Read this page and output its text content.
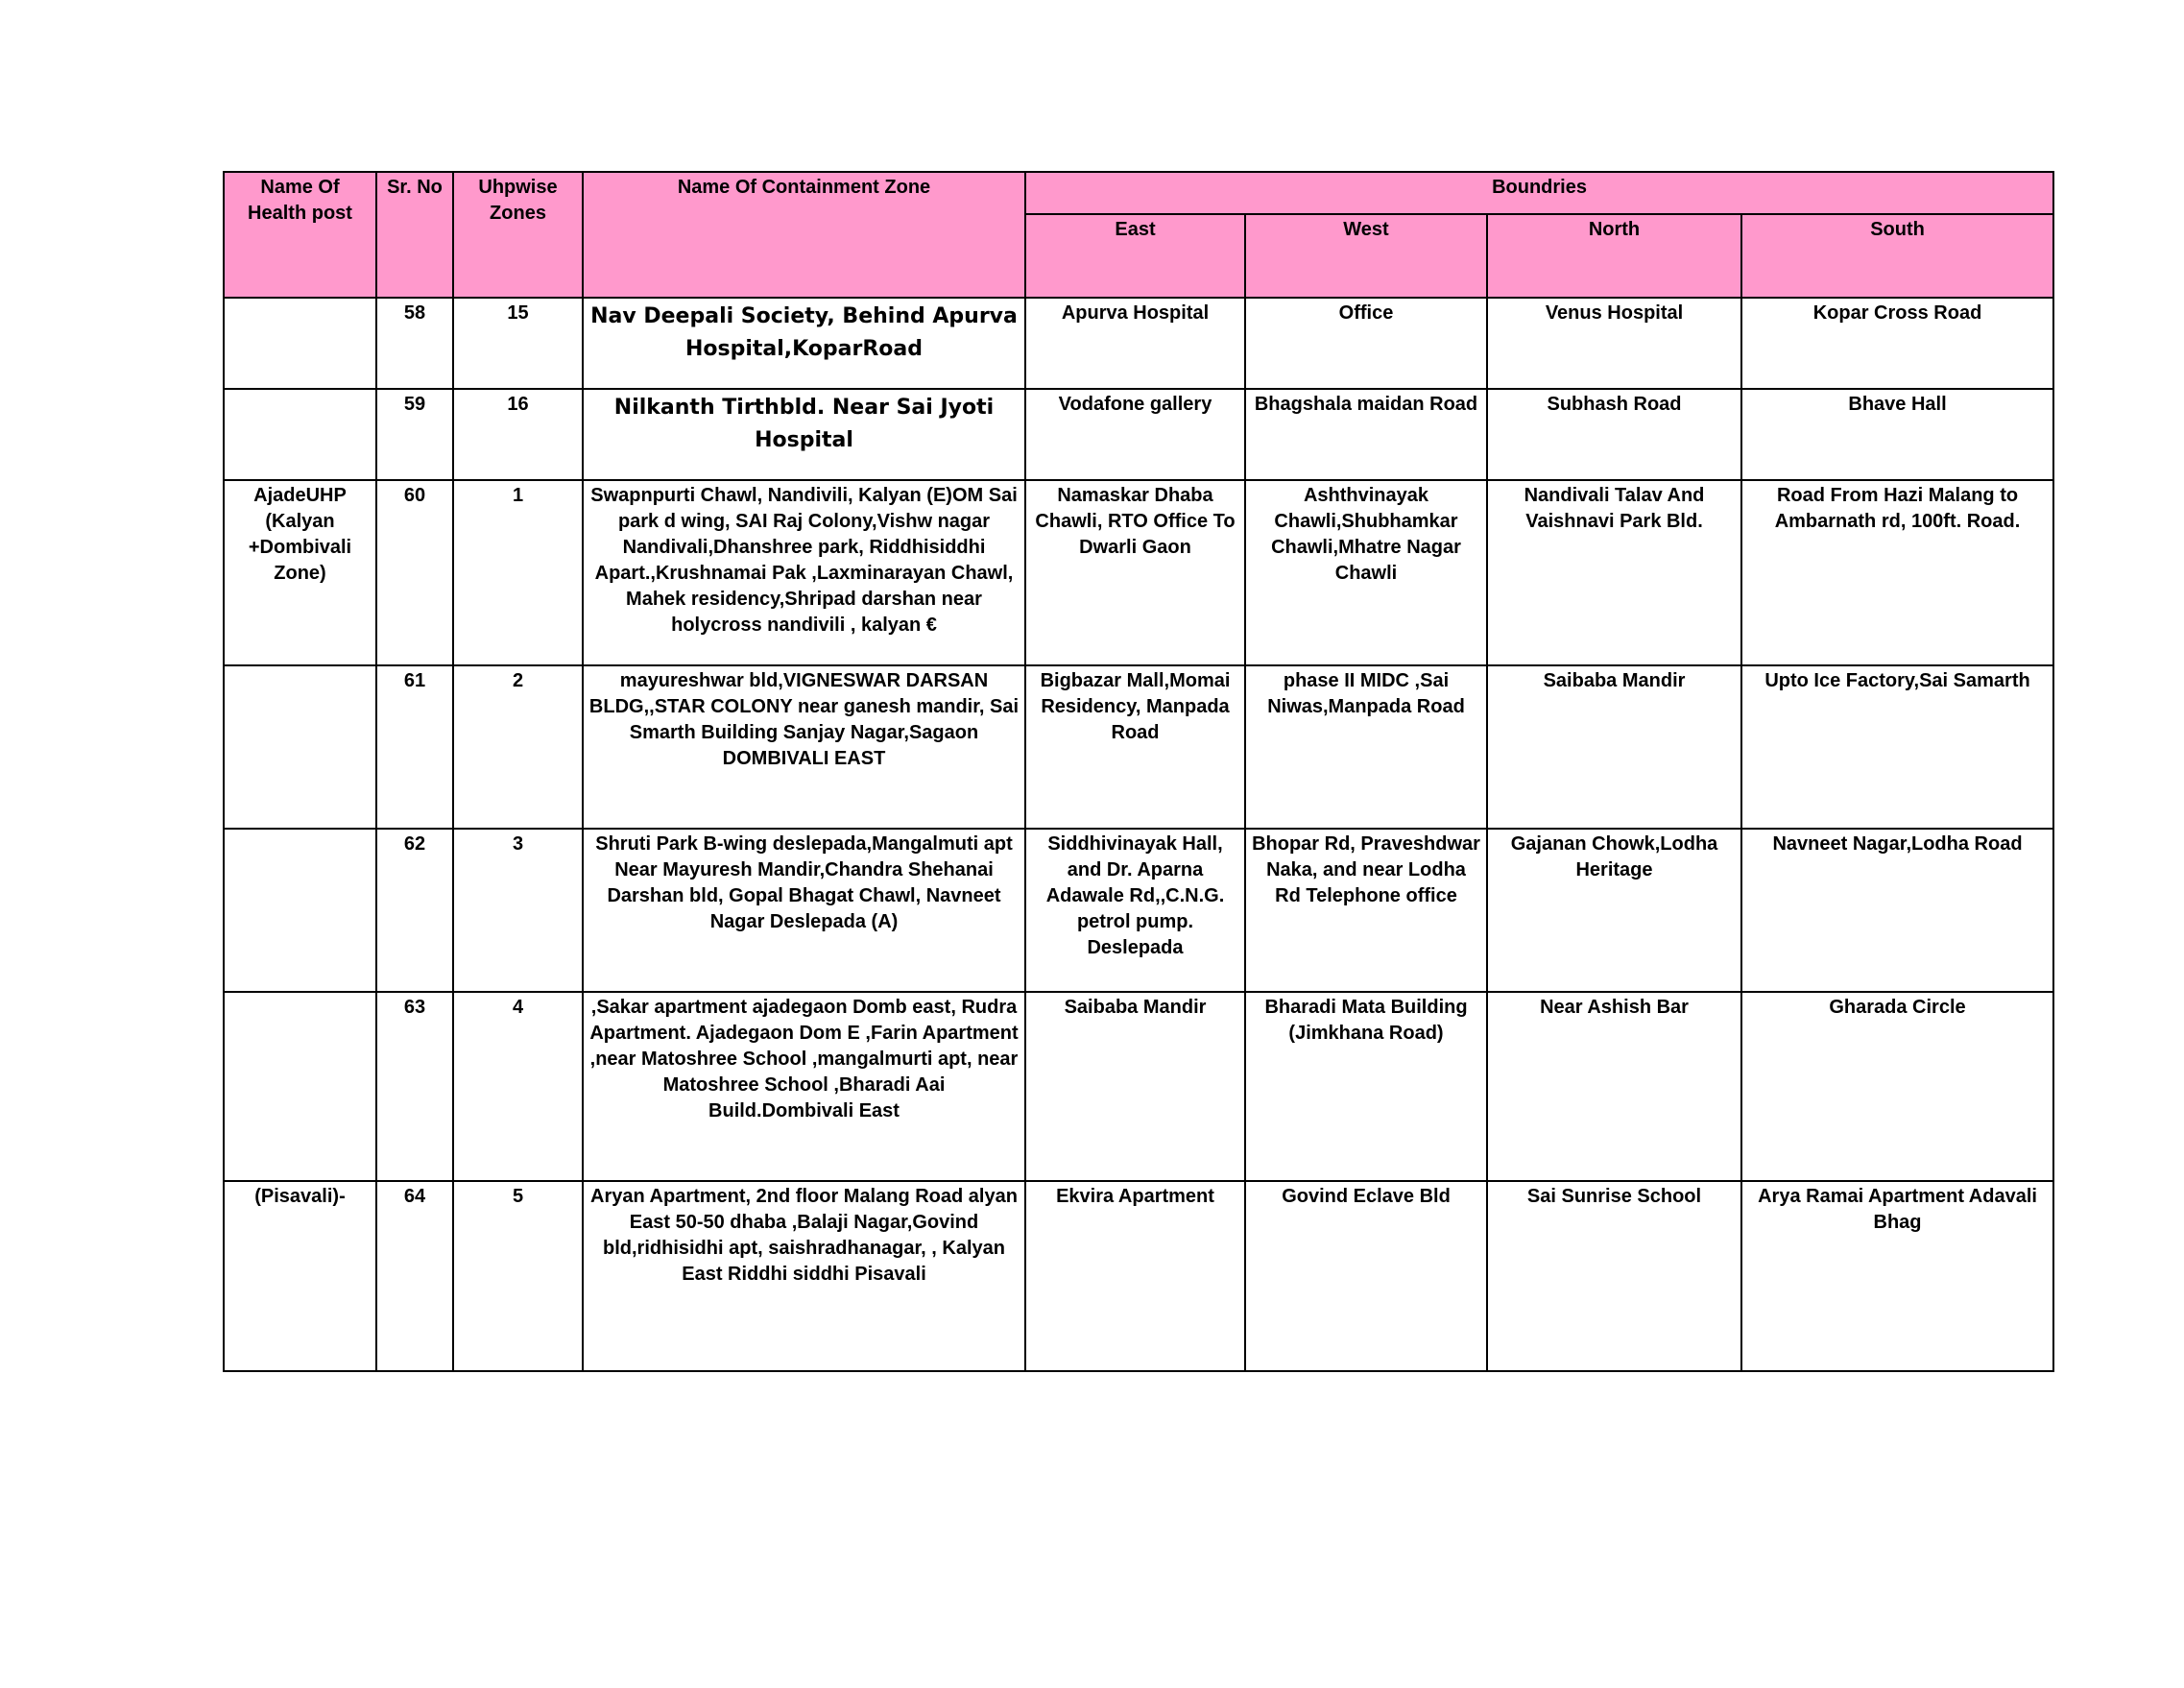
Name Of Health post	Sr. No	Uhpwise Zones	Name Of Containment Zone	Boundries			
				East	West	North	South
	58	15	Nav Deepali Society, Behind Apurva Hospital,KoparRoad	Apurva Hospital	Office	Venus Hospital	Kopar Cross Road
	59	16	Nilkanth Tirthbld. Near Sai Jyoti Hospital	Vodafone gallery	Bhagshala maidan Road	Subhash Road	Bhave Hall
AjadeUHP (Kalyan +Dombivali Zone)	60	1	Swapnpurti Chawl, Nandivili, Kalyan (E)OM Sai park d wing, SAI Raj Colony,Vishw nagar Nandivali,Dhanshree park, Riddhisiddhi Apart.,Krushnamai Pak ,Laxminarayan Chawl, Mahek residency,Shripad darshan near holycross nandivili , kalyan €	Namaskar Dhaba Chawli, RTO Office To Dwarli Gaon	Ashthvinayak Chawli,Shubhamkar Chawli,Mhatre Nagar Chawli	Nandivali Talav And Vaishnavi Park Bld.	Road From Hazi Malang to Ambarnath rd, 100ft. Road.
	61	2	mayureshwar bld,VIGNESWAR DARSAN BLDG,,STAR COLONY near ganesh mandir, Sai Smarth Building Sanjay Nagar,Sagaon DOMBIVALI EAST	Bigbazar Mall,Momai Residency, Manpada Road	phase II MIDC ,Sai Niwas,Manpada Road	Saibaba Mandir	Upto Ice Factory,Sai Samarth
	62	3	Shruti Park B-wing deslepada,Mangalmuti apt Near Mayuresh Mandir,Chandra Shehanai Darshan bld, Gopal Bhagat Chawl, Navneet Nagar Deslepada (A)	Siddhivinayak Hall, and Dr. Aparna Adawale Rd,,C.N.G. petrol pump. Deslepada	Bhopar Rd, Praveshdwar Naka, and near Lodha Rd Telephone office	Gajanan Chowk,Lodha Heritage	Navneet Nagar,Lodha Road
	63	4	,Sakar apartment ajadegaon Domb east, Rudra Apartment. Ajadegaon Dom E ,Farin Apartment ,near Matoshree School ,mangalmurti apt, near Matoshree School ,Bharadi Aai Build.Dombivali East	Saibaba Mandir	Bharadi Mata Building (Jimkhana Road)	Near Ashish Bar	Gharada Circle
(Pisavali)-	64	5	Aryan Apartment, 2nd floor Malang Road alyan East 50-50 dhaba ,Balaji Nagar,Govind bld,ridhisidhi apt, saishradhanagar, , Kalyan East Riddhi siddhi Pisavali	Ekvira Apartment	Govind Eclave Bld	Sai Sunrise School	Arya Ramai Apartment Adavali Bhag
